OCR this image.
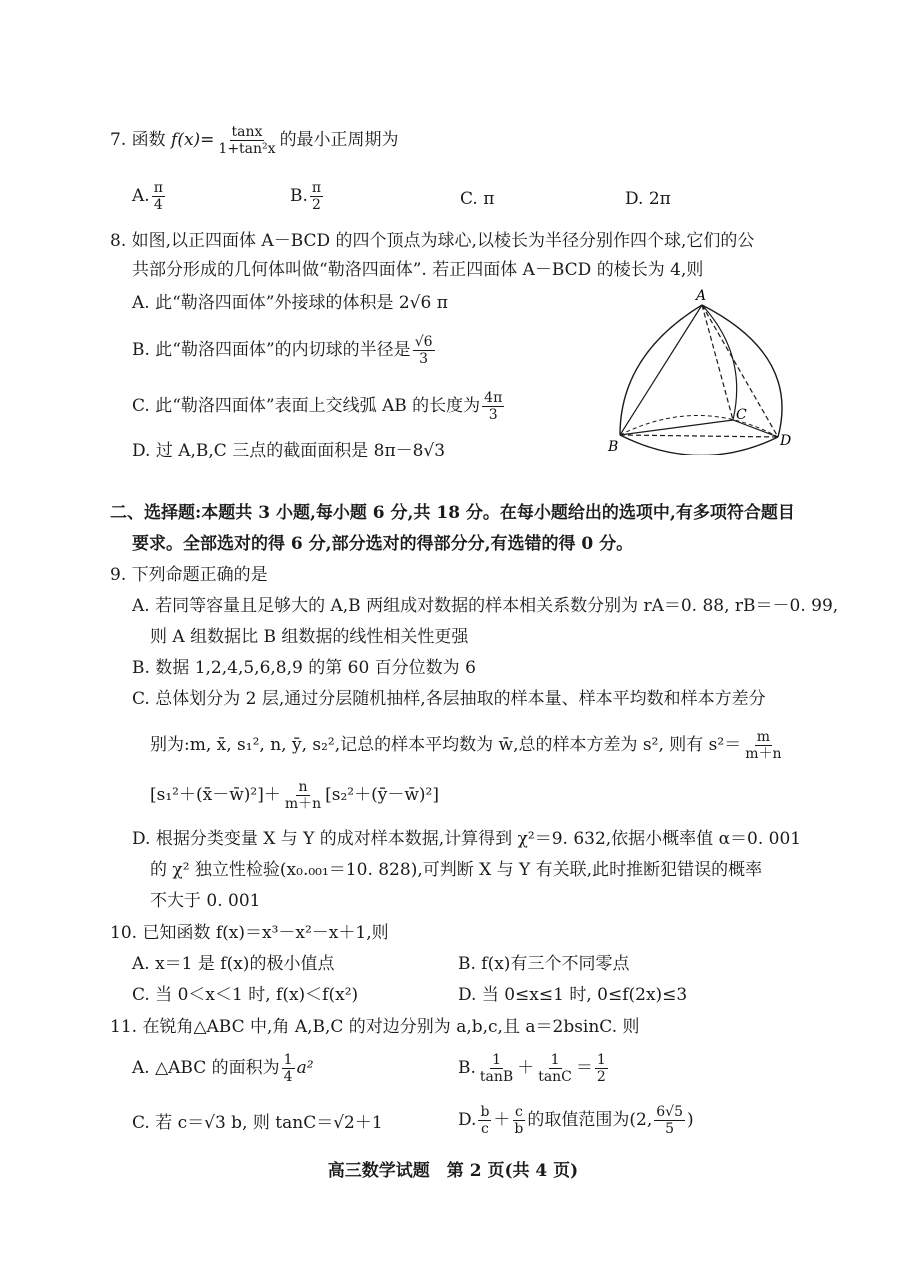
7. 函数 $f(x)= \frac{\tan x}{\text{1+tan²x}}$ 的最小正周期为
A. $\frac{\pi}{4}$	B. $\frac{\pi}{2}$	C. π	D. 2π
8. 如图,以正四面体 A－BCD 的四个顶点为球心,以棱长为半径分别作四个球,它们的公
共部分形成的几何体叫做“勒洛四面体”. 若正四面体 A－BCD 的棱长为 4,则
A. 此“勒洛四面体”外接球的体积是 2√6 π
B. 此“勒洛四面体”的内切球的半径是 $\frac{√6}{3}$
C. 此“勒洛四面体”表面上交线弧 AB 的长度为 $\frac{4\pi}{3}$
D. 过 A,B,C 三点的截面面积是 8π－8√3
A
B
C
D
二、选择题:本题共 3 小题,每小题 6 分,共 18 分。在每小题给出的选项中,有多项符合题目
要求。全部选对的得 6 分,部分选对的得部分分,有选错的得 0 分。
9. 下列命题正确的是
A. 若同等容量且足够大的 A,B 两组成对数据的样本相关系数分别为 rA＝0. 88, rB＝－0. 99,
则 A 组数据比 B 组数据的线性相关性更强
B. 数据 1,2,4,5,6,8,9 的第 60 百分位数为 6
C. 总体划分为 2 层,通过分层随机抽样,各层抽取的样本量、样本平均数和样本方差分
别为:m, x̄, s₁², n, ȳ, s₂²,记总的样本平均数为 w̄,总的样本方差为 s², 则有 $s^2= \frac{m}{m+n}$
[s₁²＋(x̄－w̄)²]＋ $\frac{n}{m+n}$ [s₂²＋(ȳ－w̄)²]
D. 根据分类变量 X 与 Y 的成对样本数据,计算得到 χ²＝9. 632,依据小概率值 α＝0. 001
的 χ² 独立性检验(x₀.₀₀₁＝10. 828),可判断 X 与 Y 有关联,此时推断犯错误的概率
不大于 0. 001
10. 已知函数 f(x)＝x³－x²－x＋1,则
A. x＝1 是 f(x)的极小值点	B. f(x)有三个不同零点
C. 当 0＜x＜1 时, f(x)＜f(x²)	D. 当 0≤x≤1 时, 0≤f(2x)≤3
11. 在锐角△ABC 中,角 A,B,C 的对边分别为 a,b,c,且 a＝2bsinC. 则
A. △ABC 的面积为 $\frac{1}{4} a^2$	B. $\frac{1}{\tan B} + \frac{1}{\tan C} = \frac{1}{2}$
C. 若 c＝√3 b, 则 tanC＝√2＋1	D. $\frac{b}{c} + \frac{c}{b}$ 的取值范围为(2, $\frac{6√5}{5}$ )
高三数学试题　第 2 页(共 4 页)
